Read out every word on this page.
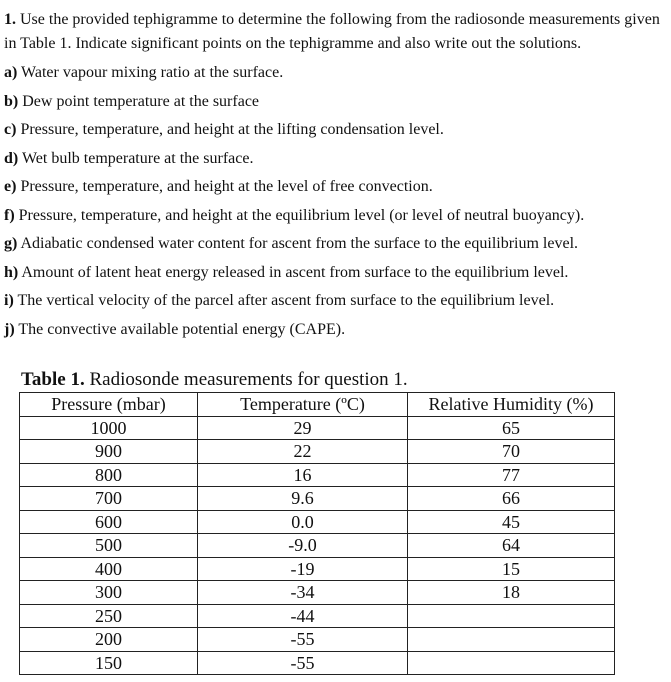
1. Use the provided tephigramme to determine the following from the radiosonde measurements given in Table 1. Indicate significant points on the tephigramme and also write out the solutions.
a) Water vapour mixing ratio at the surface.
b) Dew point temperature at the surface
c) Pressure, temperature, and height at the lifting condensation level.
d) Wet bulb temperature at the surface.
e) Pressure, temperature, and height at the level of free convection.
f) Pressure, temperature, and height at the equilibrium level (or level of neutral buoyancy).
g) Adiabatic condensed water content for ascent from the surface to the equilibrium level.
h) Amount of latent heat energy released in ascent from surface to the equilibrium level.
i) The vertical velocity of the parcel after ascent from surface to the equilibrium level.
j) The convective available potential energy (CAPE).
Table 1. Radiosonde measurements for question 1.
Pressure (mbar)	Temperature (ºC)	Relative Humidity (%)
1000	29	65
900	22	70
800	16	77
700	9.6	66
600	0.0	45
500	-9.0	64
400	-19	15
300	-34	18
250	-44	
200	-55	
150	-55	
